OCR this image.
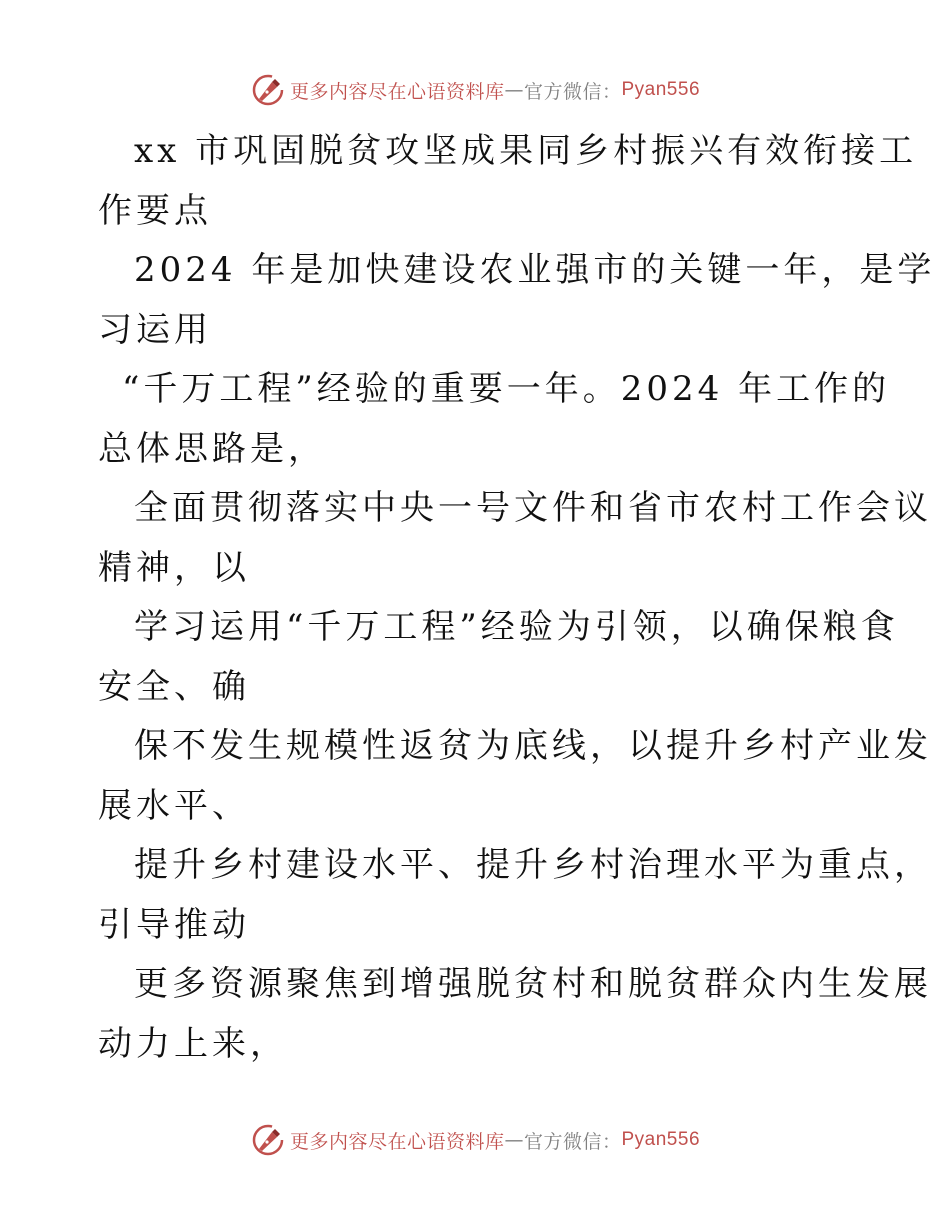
更多内容尽在心语资料库 — 官方微信： Pyan556
xx 市巩固脱贫攻坚成果同乡村振兴有效衔接工
作要点
2024 年是加快建设农业强市的关键一年，是学
习运用
“千万工程”经验的重要一年。2024 年工作的
总体思路是，
全面贯彻落实中央一号文件和省市农村工作会议
精神，以
学习运用“千万工程”经验为引领，以确保粮食
安全、确
保不发生规模性返贫为底线，以提升乡村产业发
展水平、
提升乡村建设水平、提升乡村治理水平为重点，
引导推动
更多资源聚焦到增强脱贫村和脱贫群众内生发展
动力上来，
更多内容尽在心语资料库 — 官方微信： Pyan556
